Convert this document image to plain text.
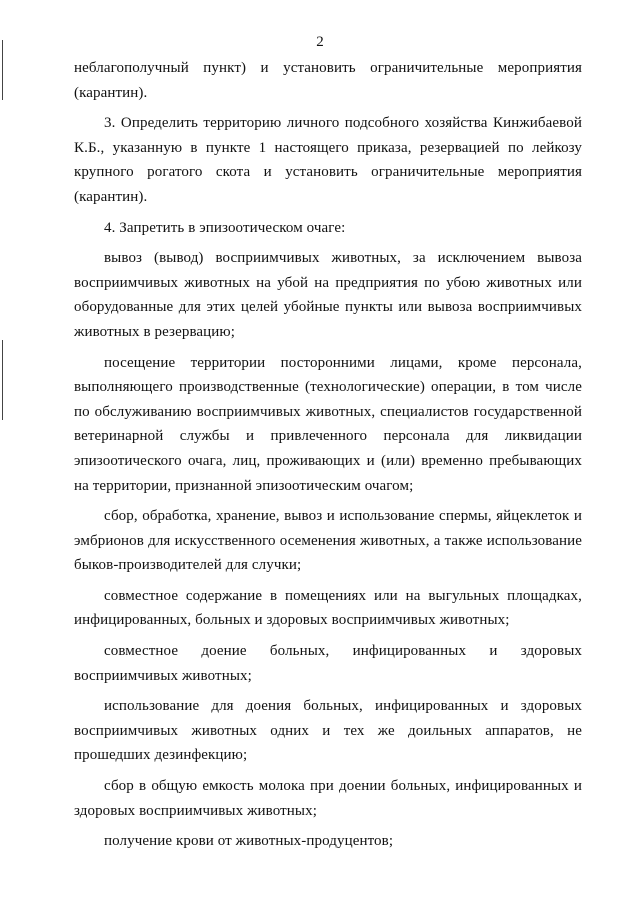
2

неблагополучный пункт) и установить ограничительные мероприятия (карантин).

3. Определить территорию личного подсобного хозяйства Кинжибаевой К.Б., указанную в пункте 1 настоящего приказа, резервацией по лейкозу крупного рогатого скота и установить ограничительные мероприятия (карантин).

4. Запретить в эпизоотическом очаге:

вывоз (вывод) восприимчивых животных, за исключением вывоза восприимчивых животных на убой на предприятия по убою животных или оборудованные для этих целей убойные пункты или вывоза восприимчивых животных в резервацию;

посещение территории посторонними лицами, кроме персонала, выполняющего производственные (технологические) операции, в том числе по обслуживанию восприимчивых животных, специалистов государственной ветеринарной службы и привлеченного персонала для ликвидации эпизоотического очага, лиц, проживающих и (или) временно пребывающих на территории, признанной эпизоотическим очагом;

сбор, обработка, хранение, вывоз и использование спермы, яйцеклеток и эмбрионов для искусственного осеменения животных, а также использование быков-производителей для случки;

совместное содержание в помещениях или на выгульных площадках, инфицированных, больных и здоровых восприимчивых животных;

совместное доение больных, инфицированных и здоровых восприимчивых животных;

использование для доения больных, инфицированных и здоровых восприимчивых животных одних и тех же доильных аппаратов, не прошедших дезинфекцию;

сбор в общую емкость молока при доении больных, инфицированных и здоровых восприимчивых животных;

получение крови от животных-продуцентов;
